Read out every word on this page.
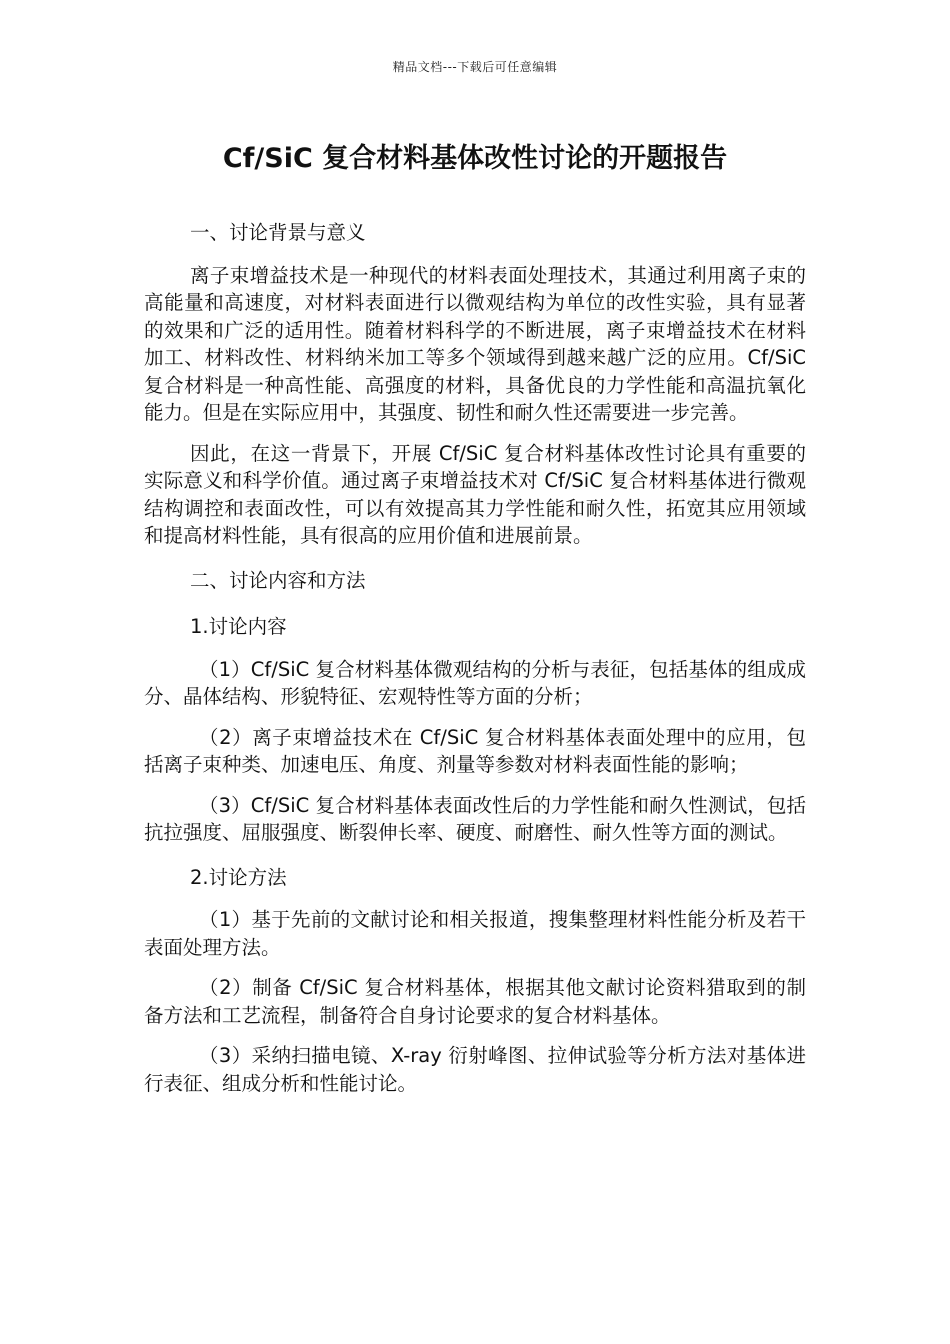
精品文档---下载后可任意编辑
Cf/SiC 复合材料基体改性讨论的开题报告

一、讨论背景与意义

离子束增益技术是一种现代的材料表面处理技术，其通过利用离子束的高能量和高速度，对材料表面进行以微观结构为单位的改性实验，具有显著的效果和广泛的适用性。随着材料科学的不断进展，离子束增益技术在材料加工、材料改性、材料纳米加工等多个领域得到越来越广泛的应用。Cf/SiC 复合材料是一种高性能、高强度的材料，具备优良的力学性能和高温抗氧化能力。但是在实际应用中，其强度、韧性和耐久性还需要进一步完善。

因此，在这一背景下，开展 Cf/SiC 复合材料基体改性讨论具有重要的实际意义和科学价值。通过离子束增益技术对 Cf/SiC 复合材料基体进行微观结构调控和表面改性，可以有效提高其力学性能和耐久性，拓宽其应用领域和提高材料性能，具有很高的应用价值和进展前景。

二、讨论内容和方法

1.讨论内容

（1）Cf/SiC 复合材料基体微观结构的分析与表征，包括基体的组成成分、晶体结构、形貌特征、宏观特性等方面的分析；

（2）离子束增益技术在 Cf/SiC 复合材料基体表面处理中的应用，包括离子束种类、加速电压、角度、剂量等参数对材料表面性能的影响；

（3）Cf/SiC 复合材料基体表面改性后的力学性能和耐久性测试，包括抗拉强度、屈服强度、断裂伸长率、硬度、耐磨性、耐久性等方面的测试。

2.讨论方法

（1）基于先前的文献讨论和相关报道，搜集整理材料性能分析及若干表面处理方法。

（2）制备 Cf/SiC 复合材料基体，根据其他文献讨论资料猎取到的制备方法和工艺流程，制备符合自身讨论要求的复合材料基体。

（3）采纳扫描电镜、X-ray 衍射峰图、拉伸试验等分析方法对基体进行表征、组成分析和性能讨论。
